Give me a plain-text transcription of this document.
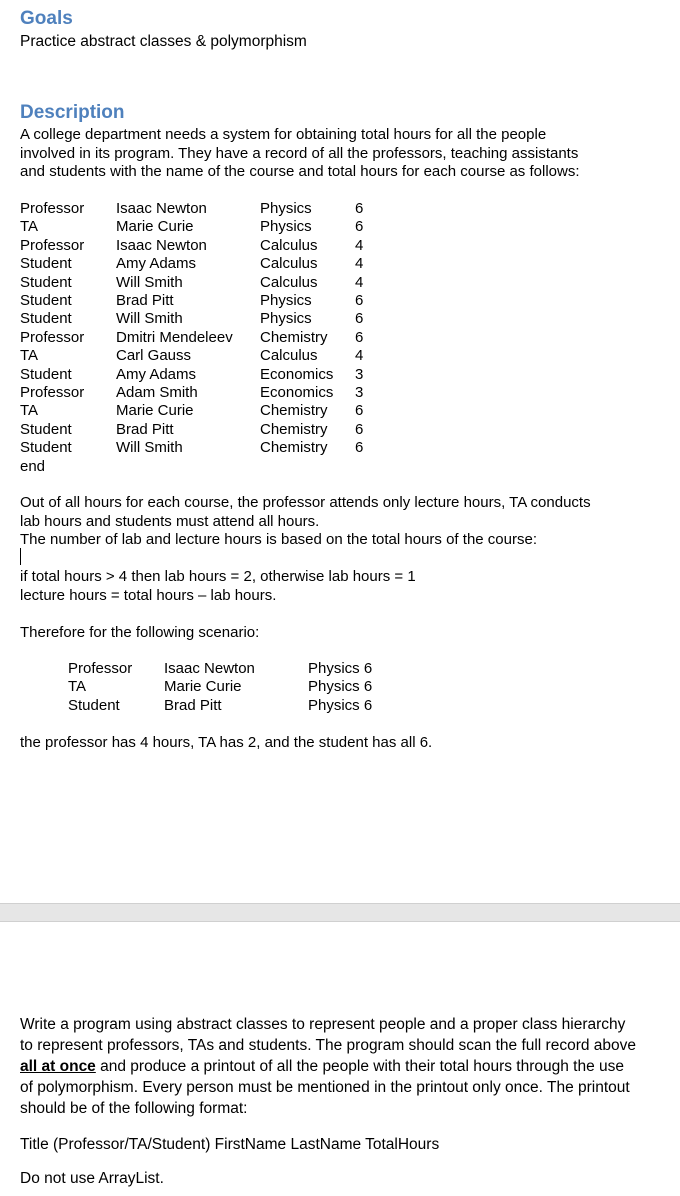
Goals
Practice abstract classes & polymorphism
Description
A college department needs a system for obtaining total hours for all the people
involved in its program. They have a record of all the professors, teaching assistants
and students with the name of the course and total hours for each course as follows:
Professor	Isaac Newton	Physics	6
TA	Marie Curie	Physics	6
Professor	Isaac Newton	Calculus	4
Student	Amy Adams	Calculus	4
Student	Will Smith	Calculus	4
Student	Brad Pitt	Physics	6
Student	Will Smith	Physics	6
Professor	Dmitri Mendeleev	Chemistry	6
TA	Carl Gauss	Calculus	4
Student	Amy Adams	Economics	3
Professor	Adam Smith	Economics	3
TA	Marie Curie	Chemistry	6
Student	Brad Pitt	Chemistry	6
Student	Will Smith	Chemistry	6
end			
Out of all hours for each course, the professor attends only lecture hours, TA conducts
lab hours and students must attend all hours.
The number of lab and lecture hours is based on the total hours of the course:
if total hours > 4 then lab hours = 2, otherwise lab hours = 1
lecture hours = total hours – lab hours.
Therefore for the following scenario:
Professor	Isaac Newton	Physics 6
TA	Marie Curie	Physics 6
Student	Brad Pitt	Physics 6
the professor has 4 hours, TA has 2, and the student has all 6.
Write a program using abstract classes to represent people and a proper class hierarchy to represent professors, TAs and students. The program should scan the full record above all at once and produce a printout of all the people with their total hours through the use of polymorphism. Every person must be mentioned in the printout only once. The printout should be of the following format:
Title (Professor/TA/Student) FirstName LastName TotalHours
Do not use ArrayList.
